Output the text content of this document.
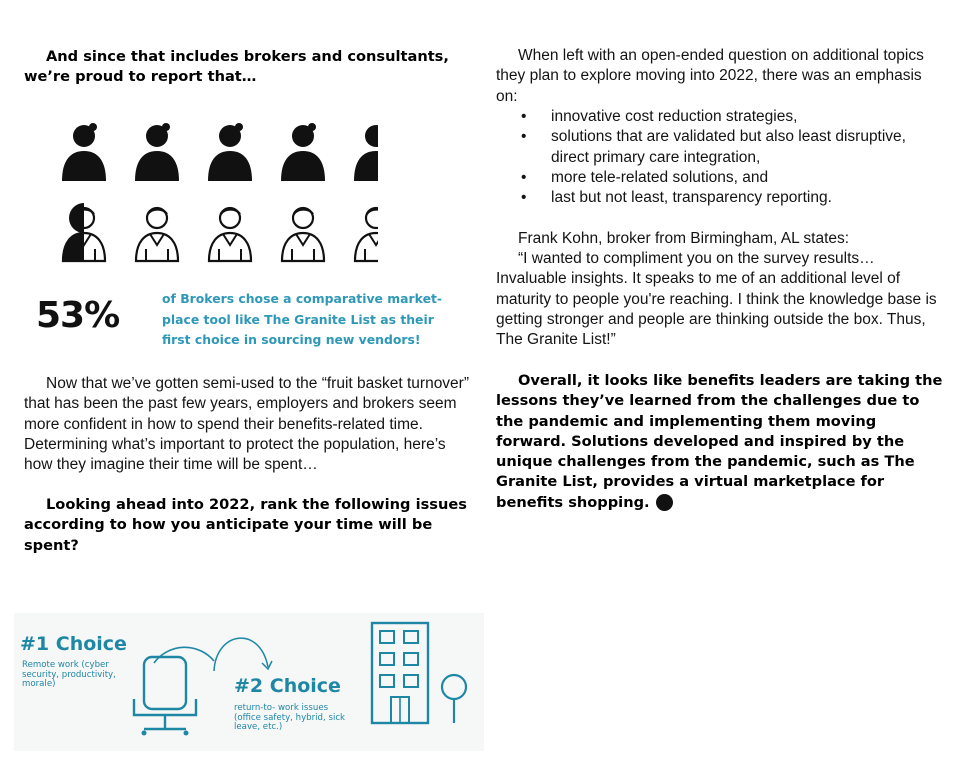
And since that includes brokers and consultants, we’re proud to report that…
53%	of Brokers chose a comparative market-place tool like The Granite List as their first choice in sourcing new vendors!
Now that we’ve gotten semi-used to the “fruit basket turnover” that has been the past few years, employers and brokers seem more confident in how to spend their benefits-related time. Determining what’s important to protect the population, here’s how they imagine their time will be spent…
Looking ahead into 2022, rank the following issues according to how you anticipate your time will be spent?
#1 Choice
Remote work (cyber security, productivity, morale)	#2 Choice
return-to- work issues (office safety, hybrid, sick leave, etc.)
When left with an open-ended question on additional topics they plan to explore moving into 2022, there was an emphasis on:
• innovative cost reduction strategies,
• solutions that are validated but also least disruptive, direct primary care integration,
• more tele-related solutions, and
• last but not least, transparency reporting.
Frank Kohn, broker from Birmingham, AL states:
“I wanted to compliment you on the survey results… Invaluable insights. It speaks to me of an additional level of maturity to people you're reaching. I think the knowledge base is getting stronger and people are thinking outside the box. Thus, The Granite List!”
Overall, it looks like benefits leaders are taking the lessons they’ve learned from the challenges due to the pandemic and implementing them moving forward. Solutions developed and inspired by the unique challenges from the pandemic, such as The Granite List, provides a virtual marketplace for benefits shopping.	CB
